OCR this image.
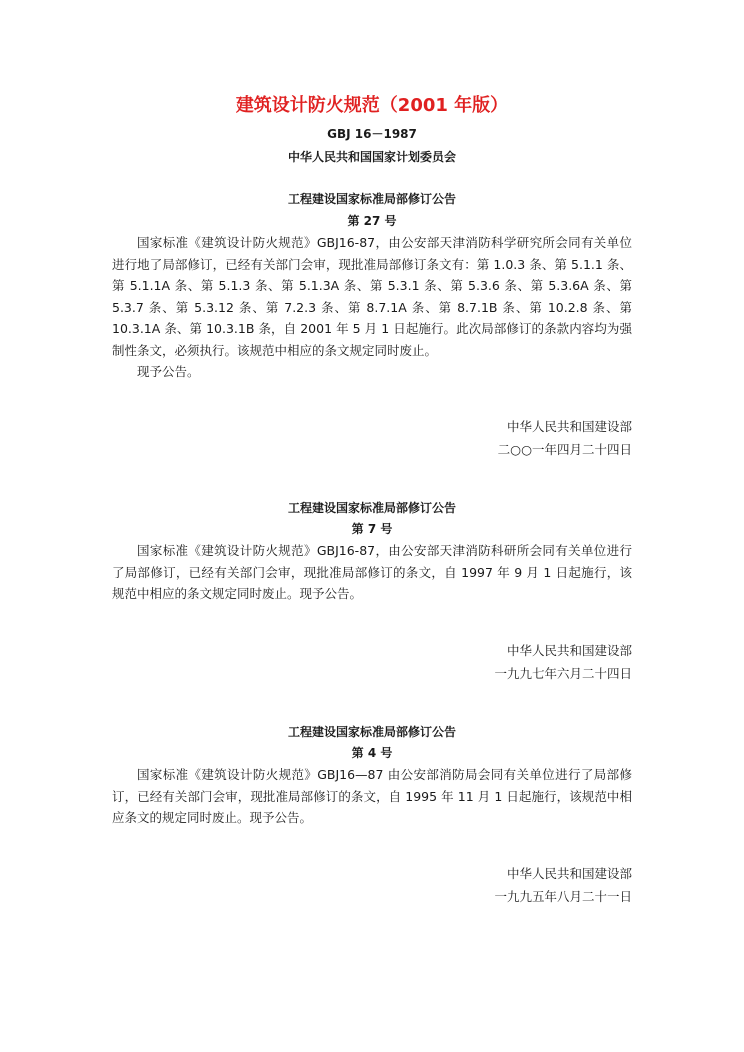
建筑设计防火规范（2001 年版）
GBJ 16－1987
中华人民共和国国家计划委员会
工程建设国家标准局部修订公告
第 27 号

国家标准《建筑设计防火规范》GBJ16-87，由公安部天津消防科学研究所会同有关单位进行地了局部修订，已经有关部门会审，现批准局部修订条文有：第 1.0.3 条、第 5.1.1 条、第 5.1.1A 条、第 5.1.3 条、第 5.1.3A 条、第 5.3.1 条、第 5.3.6 条、第 5.3.6A 条、第 5.3.7 条、第 5.3.12 条、第 7.2.3 条、第 8.7.1A 条、第 8.7.1B 条、第 10.2.8 条、第 10.3.1A 条、第 10.3.1B 条，自 2001 年 5 月 1 日起施行。此次局部修订的条款内容均为强制性条文，必须执行。该规范中相应的条文规定同时废止。

现予公告。

中华人民共和国建设部
二○○一年四月二十四日
工程建设国家标准局部修订公告
第 7 号

国家标准《建筑设计防火规范》GBJ16-87，由公安部天津消防科研所会同有关单位进行了局部修订，已经有关部门会审，现批准局部修订的条文，自 1997 年 9 月 1 日起施行，该规范中相应的条文规定同时废止。现予公告。

中华人民共和国建设部
一九九七年六月二十四日
工程建设国家标准局部修订公告
第 4 号

国家标准《建筑设计防火规范》GBJ16—87 由公安部消防局会同有关单位进行了局部修订，已经有关部门会审，现批准局部修订的条文，自 1995 年 11 月 1 日起施行，该规范中相应条文的规定同时废止。现予公告。

中华人民共和国建设部
一九九五年八月二十一日
